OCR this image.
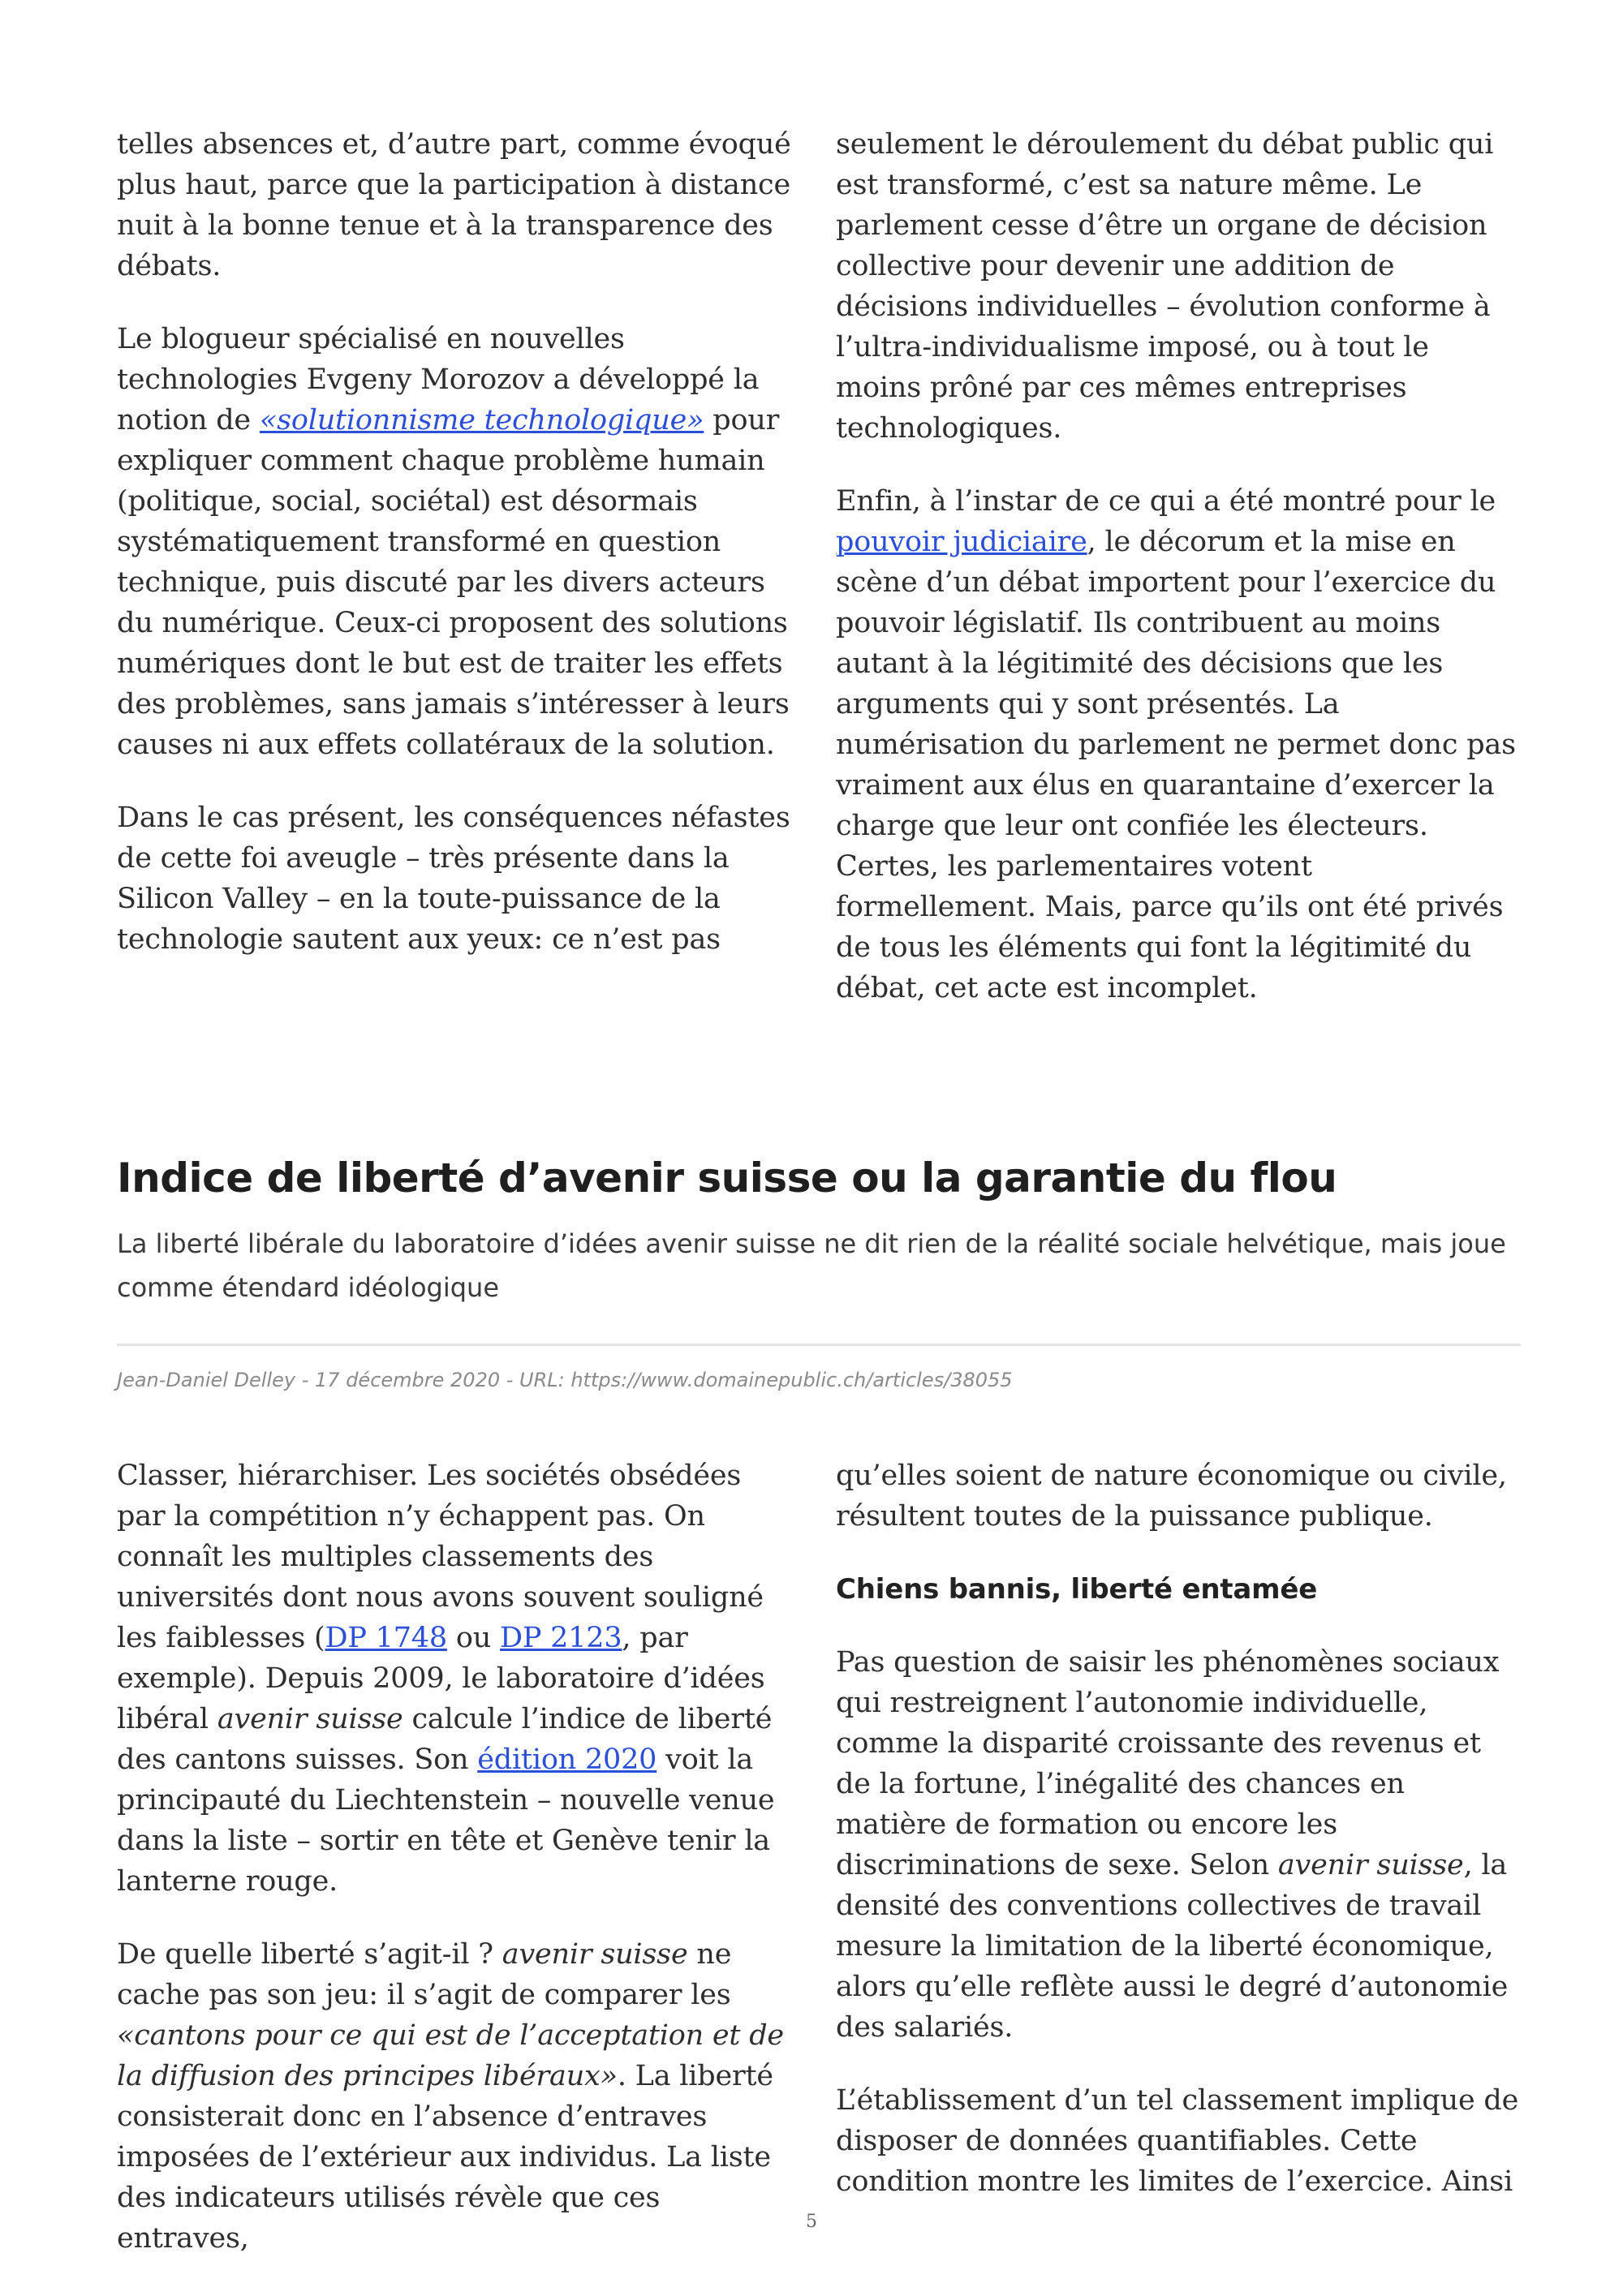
telles absences et, d’autre part, comme évoqué plus haut, parce que la participation à distance nuit à la bonne tenue et à la transparence des débats.

Le blogueur spécialisé en nouvelles technologies Evgeny Morozov a développé la notion de «solutionnisme technologique» pour expliquer comment chaque problème humain (politique, social, sociétal) est désormais systématiquement transformé en question technique, puis discuté par les divers acteurs du numérique. Ceux-ci proposent des solutions numériques dont le but est de traiter les effets des problèmes, sans jamais s’intéresser à leurs causes ni aux effets collatéraux de la solution.

Dans le cas présent, les conséquences néfastes de cette foi aveugle – très présente dans la Silicon Valley – en la toute-puissance de la technologie sautent aux yeux: ce n’est pas

seulement le déroulement du débat public qui est transformé, c’est sa nature même. Le parlement cesse d’être un organe de décision collective pour devenir une addition de décisions individuelles – évolution conforme à l’ultra-individualisme imposé, ou à tout le moins prôné par ces mêmes entreprises technologiques.

Enfin, à l’instar de ce qui a été montré pour le pouvoir judiciaire, le décorum et la mise en scène d’un débat importent pour l’exercice du pouvoir législatif. Ils contribuent au moins autant à la légitimité des décisions que les arguments qui y sont présentés. La numérisation du parlement ne permet donc pas vraiment aux élus en quarantaine d’exercer la charge que leur ont confiée les électeurs. Certes, les parlementaires votent formellement. Mais, parce qu’ils ont été privés de tous les éléments qui font la légitimité du débat, cet acte est incomplet.

Indice de liberté d’avenir suisse ou la garantie du flou

La liberté libérale du laboratoire d’idées avenir suisse ne dit rien de la réalité sociale helvétique, mais joue comme étendard idéologique

Jean-Daniel Delley - 17 décembre 2020 - URL: https://www.domainepublic.ch/articles/38055

Classer, hiérarchiser. Les sociétés obsédées par la compétition n’y échappent pas. On connaît les multiples classements des universités dont nous avons souvent souligné les faiblesses (DP 1748 ou DP 2123, par exemple). Depuis 2009, le laboratoire d’idées libéral avenir suisse calcule l’indice de liberté des cantons suisses. Son édition 2020 voit la principauté du Liechtenstein – nouvelle venue dans la liste – sortir en tête et Genève tenir la lanterne rouge.

De quelle liberté s’agit-il ? avenir suisse ne cache pas son jeu: il s’agit de comparer les «cantons pour ce qui est de l’acceptation et de la diffusion des principes libéraux». La liberté consisterait donc en l’absence d’entraves imposées de l’extérieur aux individus. La liste des indicateurs utilisés révèle que ces entraves,

qu’elles soient de nature économique ou civile, résultent toutes de la puissance publique.

Chiens bannis, liberté entamée

Pas question de saisir les phénomènes sociaux qui restreignent l’autonomie individuelle, comme la disparité croissante des revenus et de la fortune, l’inégalité des chances en matière de formation ou encore les discriminations de sexe. Selon avenir suisse, la densité des conventions collectives de travail mesure la limitation de la liberté économique, alors qu’elle reflète aussi le degré d’autonomie des salariés.

L’établissement d’un tel classement implique de disposer de données quantifiables. Cette condition montre les limites de l’exercice. Ainsi

5
